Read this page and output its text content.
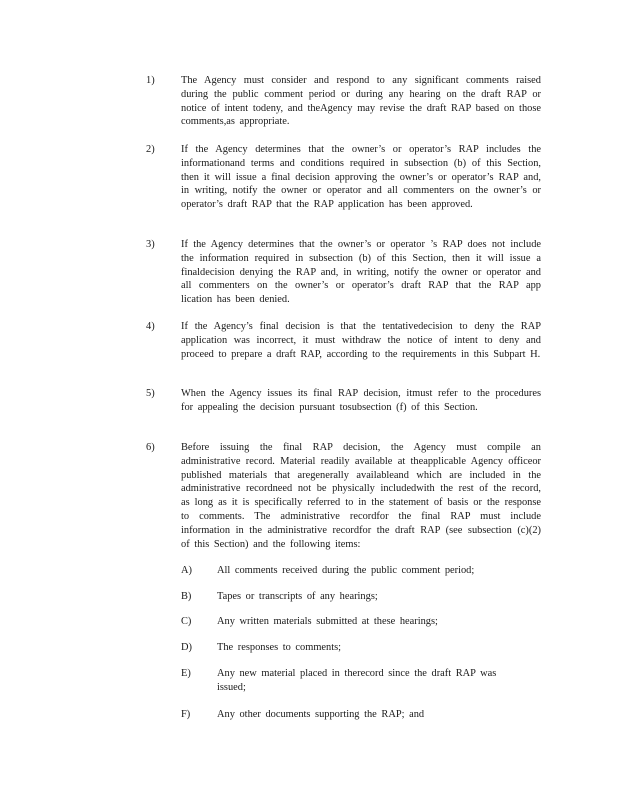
1)	The Agency must consider and respond to any significant comments raised during the public comment period or during any hearing on the draft RAP or notice of intent todeny, and theAgency may revise the draft RAP based on those comments,as appropriate.
2)	If the Agency determines that the owner’s or operator’s RAP includes the informationand terms and conditions required in subsection (b) of this Section, then it will issue a final decision approving the owner’s or operator’s RAP and, in writing, notify the owner or operator and all commenters on the owner’s or operator’s draft RAP that the RAP application has been approved.
3)	If the Agency determines that the owner’s or operator ’s RAP does not include the information required in subsection (b) of this Section, then it will issue a finaldecision denying the RAP and, in writing, notify the owner or operator and all commenters on the owner’s or operator’s draft RAP that the RAP app lication has been denied.
4)	If the Agency’s final decision is that the tentativedecision to deny the RAP application was incorrect, it must withdraw the notice of intent to deny and proceed to prepare a draft RAP, according to the requirements in this Subpart H.
5)	When the Agency issues its final RAP decision, itmust refer to the procedures for appealing the decision pursuant tosubsection (f) of this Section.
6)	Before issuing the final RAP decision, the Agency must compile an administrative record. Material readily available at theapplicable Agency officeor published materials that aregenerally availableand which are included in the administrative recordneed not be physically includedwith the rest of the record, as long as it is specifically referred to in the statement of basis or the response to comments. The administrative recordfor the final RAP must include information in the administrative recordfor the draft RAP (see subsection (c)(2) of this Section) and the following items:
A)	All comments received during the public comment period;
B)	Tapes or transcripts of any hearings;
C)	Any written materials submitted at these hearings;
D)	The responses to comments;
E)	Any new material placed in therecord since the draft RAP was issued;
F)	Any other documents supporting the RAP; and
